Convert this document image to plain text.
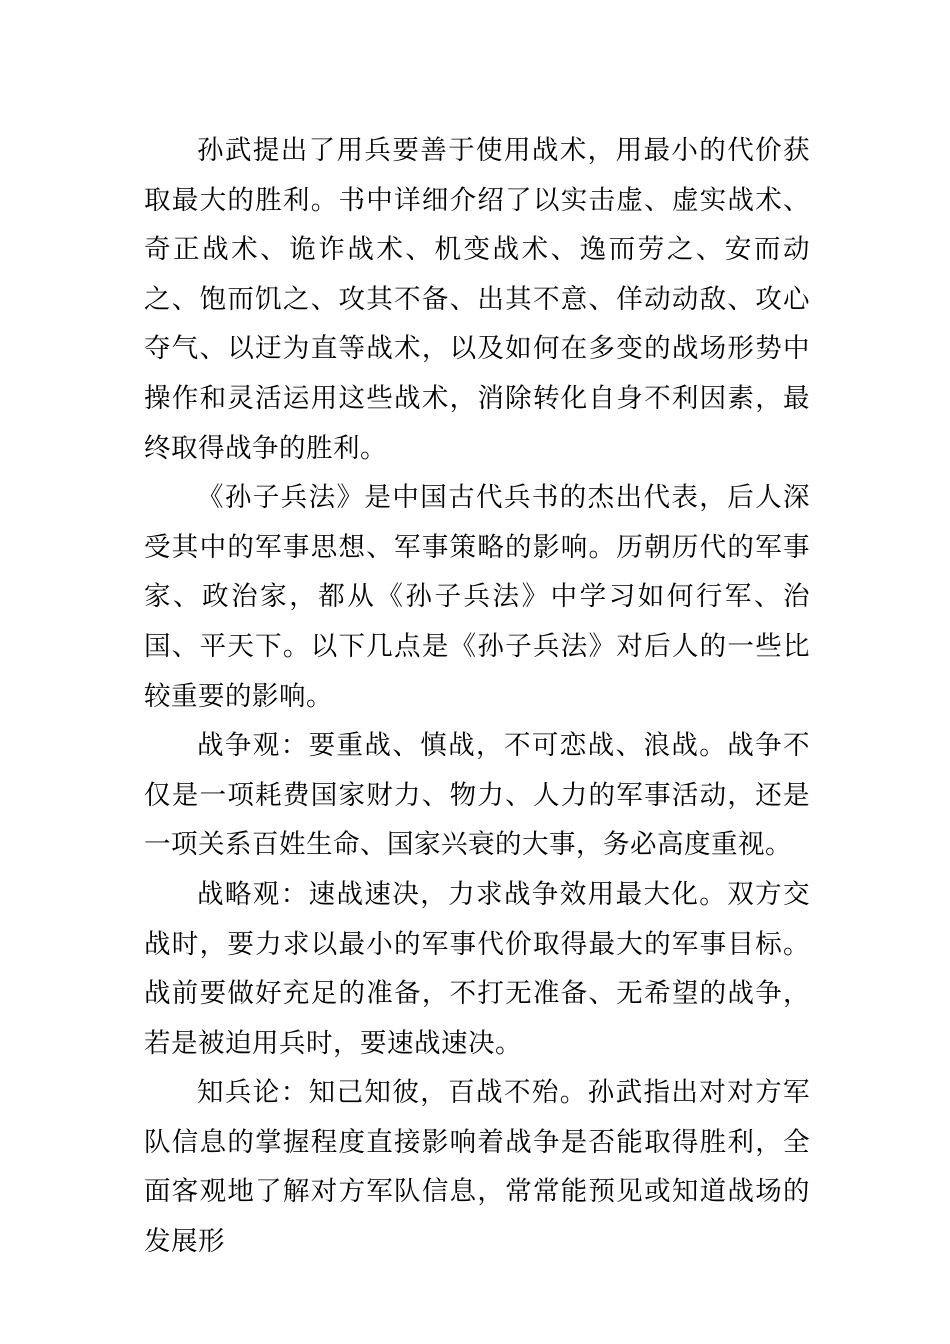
孙武提出了用兵要善于使用战术，用最小的代价获取最大的胜利。书中详细介绍了以实击虚、虚实战术、奇正战术、诡诈战术、机变战术、逸而劳之、安而动之、饱而饥之、攻其不备、出其不意、佯动动敌、攻心夺气、以迂为直等战术，以及如何在多变的战场形势中操作和灵活运用这些战术，消除转化自身不利因素，最终取得战争的胜利。

《孙子兵法》是中国古代兵书的杰出代表，后人深受其中的军事思想、军事策略的影响。历朝历代的军事家、政治家，都从《孙子兵法》中学习如何行军、治国、平天下。以下几点是《孙子兵法》对后人的一些比较重要的影响。

战争观：要重战、慎战，不可恋战、浪战。战争不仅是一项耗费国家财力、物力、人力的军事活动，还是一项关系百姓生命、国家兴衰的大事，务必高度重视。

战略观：速战速决，力求战争效用最大化。双方交战时，要力求以最小的军事代价取得最大的军事目标。战前要做好充足的准备，不打无准备、无希望的战争，若是被迫用兵时，要速战速决。

知兵论：知己知彼，百战不殆。孙武指出对对方军队信息的掌握程度直接影响着战争是否能取得胜利，全面客观地了解对方军队信息，常常能预见或知道战场的发展形
